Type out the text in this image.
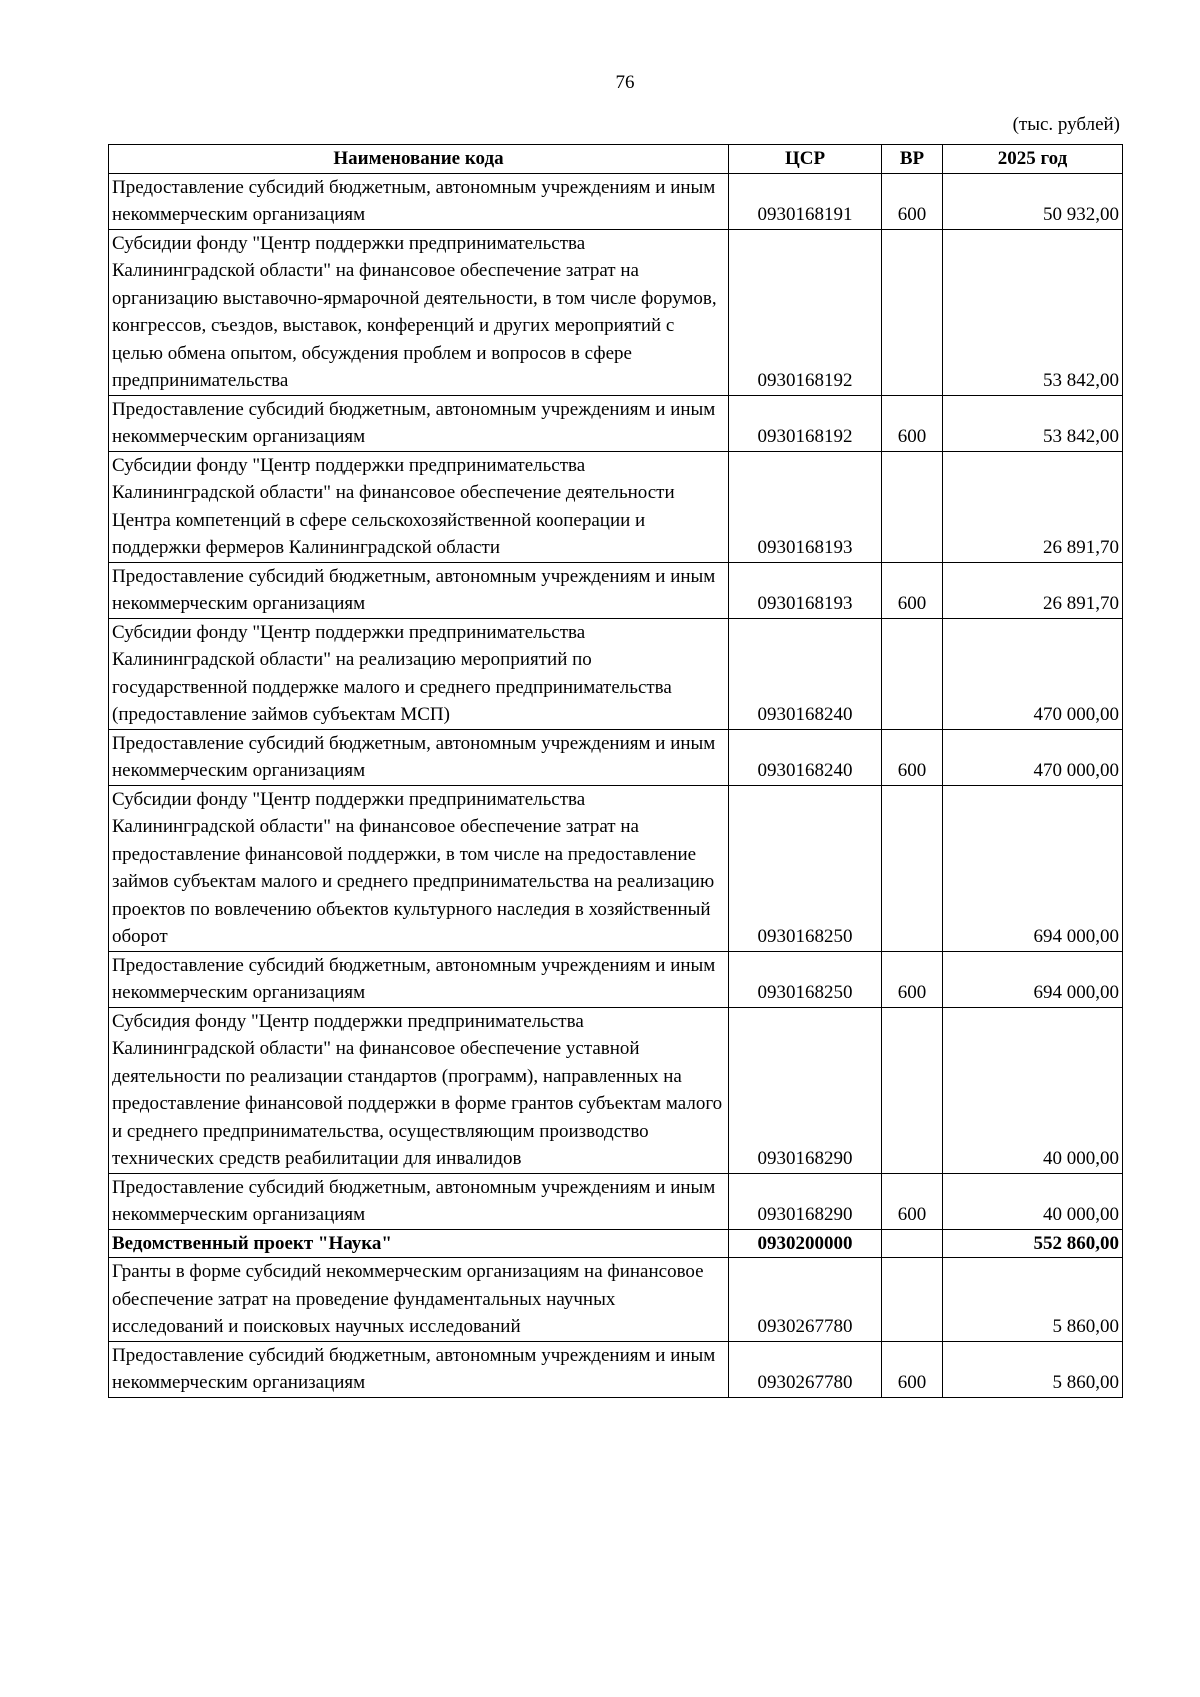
76
(тыс. рублей)
Наименование кода	ЦСР	ВР	2025 год
Предоставление субсидий бюджетным, автономным учреждениям и иным некоммерческим организациям	0930168191	600	50 932,00
Субсидии фонду "Центр поддержки предпринимательства Калининградской области" на финансовое обеспечение затрат на организацию выставочно-ярмарочной деятельности, в том числе форумов, конгрессов, съездов, выставок, конференций и других мероприятий с целью обмена опытом, обсуждения проблем и вопросов в сфере предпринимательства	0930168192		53 842,00
Предоставление субсидий бюджетным, автономным учреждениям и иным некоммерческим организациям	0930168192	600	53 842,00
Субсидии фонду "Центр поддержки предпринимательства Калининградской области" на финансовое обеспечение деятельности Центра компетенций в сфере сельскохозяйственной кооперации и поддержки фермеров Калининградской области	0930168193		26 891,70
Предоставление субсидий бюджетным, автономным учреждениям и иным некоммерческим организациям	0930168193	600	26 891,70
Субсидии фонду "Центр поддержки предпринимательства Калининградской области" на реализацию мероприятий по государственной поддержке малого и среднего предпринимательства (предоставление займов субъектам МСП)	0930168240		470 000,00
Предоставление субсидий бюджетным, автономным учреждениям и иным некоммерческим организациям	0930168240	600	470 000,00
Субсидии фонду "Центр поддержки предпринимательства Калининградской области" на финансовое обеспечение затрат на предоставление финансовой поддержки, в том числе на предоставление займов субъектам малого и среднего предпринимательства на реализацию проектов по вовлечению объектов культурного наследия в хозяйственный оборот	0930168250		694 000,00
Предоставление субсидий бюджетным, автономным учреждениям и иным некоммерческим организациям	0930168250	600	694 000,00
Субсидия фонду "Центр поддержки предпринимательства Калининградской области" на финансовое обеспечение уставной деятельности по реализации стандартов (программ), направленных на предоставление финансовой поддержки в форме грантов субъектам малого и среднего предпринимательства, осуществляющим производство технических средств реабилитации для инвалидов	0930168290		40 000,00
Предоставление субсидий бюджетным, автономным учреждениям и иным некоммерческим организациям	0930168290	600	40 000,00
Ведомственный проект "Наука"	0930200000		552 860,00
Гранты в форме субсидий некоммерческим организациям на финансовое обеспечение затрат на проведение фундаментальных научных исследований и поисковых научных исследований	0930267780		5 860,00
Предоставление субсидий бюджетным, автономным учреждениям и иным некоммерческим организациям	0930267780	600	5 860,00
